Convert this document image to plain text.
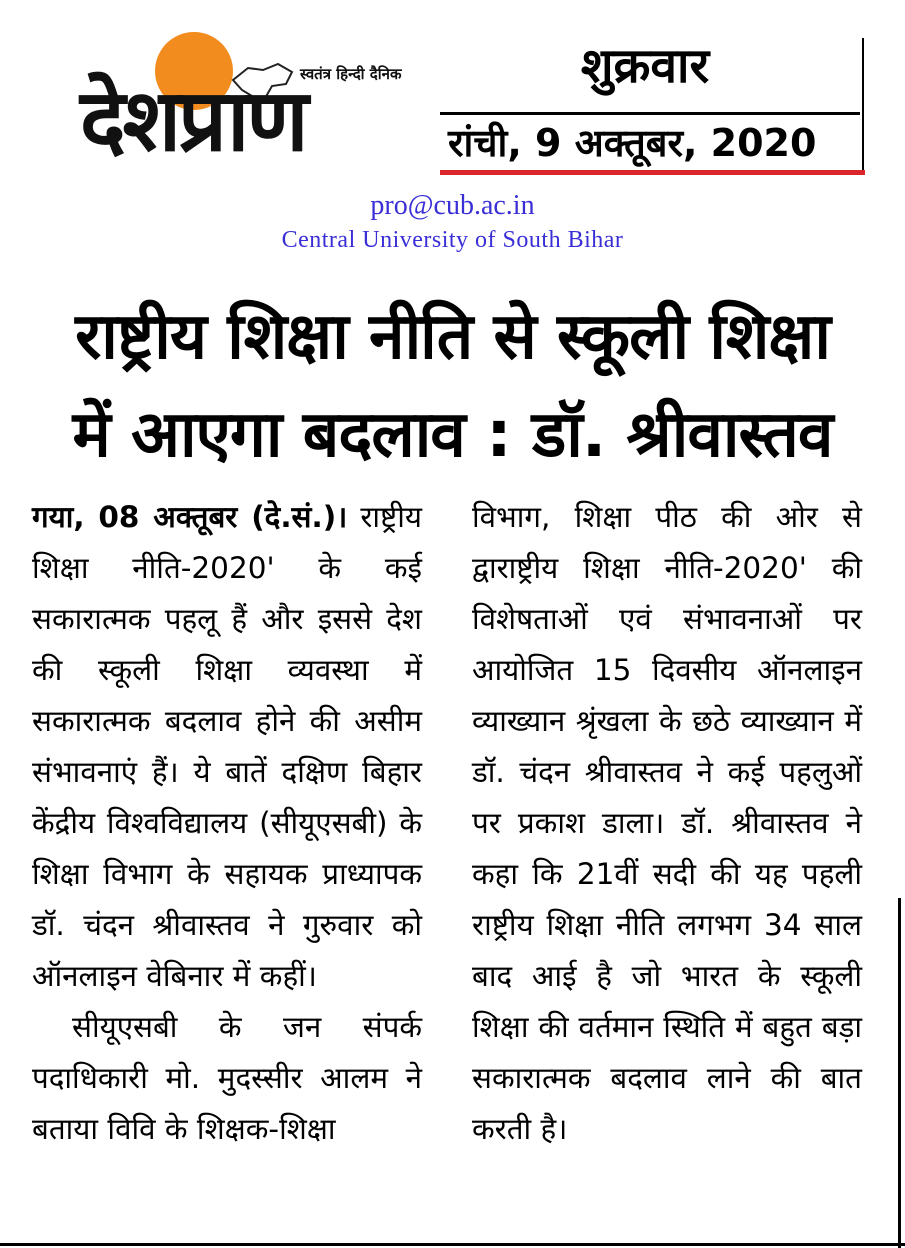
स्वतंत्र हिन्दी दैनिक
देशप्राण
शुक्रवार
रांची, 9 अक्तूबर, 2020
pro@cub.ac.in
Central University of South Bihar
राष्ट्रीय शिक्षा नीति से स्कूली शिक्षा
में आएगा बदलाव : डॉ. श्रीवास्तव

गया, 08 अक्तूबर (दे.सं.)। राष्ट्रीय शिक्षा नीति-2020' के कई सकारात्मक पहलू हैं और इससे देश की स्कूली शिक्षा व्यवस्था में सकारात्मक बदलाव होने की असीम संभावनाएं हैं। ये बातें दक्षिण बिहार केंद्रीय विश्वविद्यालय (सीयूएसबी) के शिक्षा विभाग के सहायक प्राध्यापक डॉ. चंदन श्रीवास्तव ने गुरुवार को ऑनलाइन वेबिनार में कहीं।

सीयूएसबी के जन संपर्क पदाधिकारी मो. मुदस्सीर आलम ने बताया विवि के शिक्षक-शिक्षा

विभाग, शिक्षा पीठ की ओर से द्वाराष्ट्रीय शिक्षा नीति-2020' की विशेषताओं एवं संभावनाओं पर आयोजित 15 दिवसीय ऑनलाइन व्याख्यान श्रृंखला के छठे व्याख्यान में डॉ. चंदन श्रीवास्तव ने कई पहलुओं पर प्रकाश डाला। डॉ. श्रीवास्तव ने कहा कि 21वीं सदी की यह पहली राष्ट्रीय शिक्षा नीति लगभग 34 साल बाद आई है जो भारत के स्कूली शिक्षा की वर्तमान स्थिति में बहुत बड़ा सकारात्मक बदलाव लाने की बात करती है।
